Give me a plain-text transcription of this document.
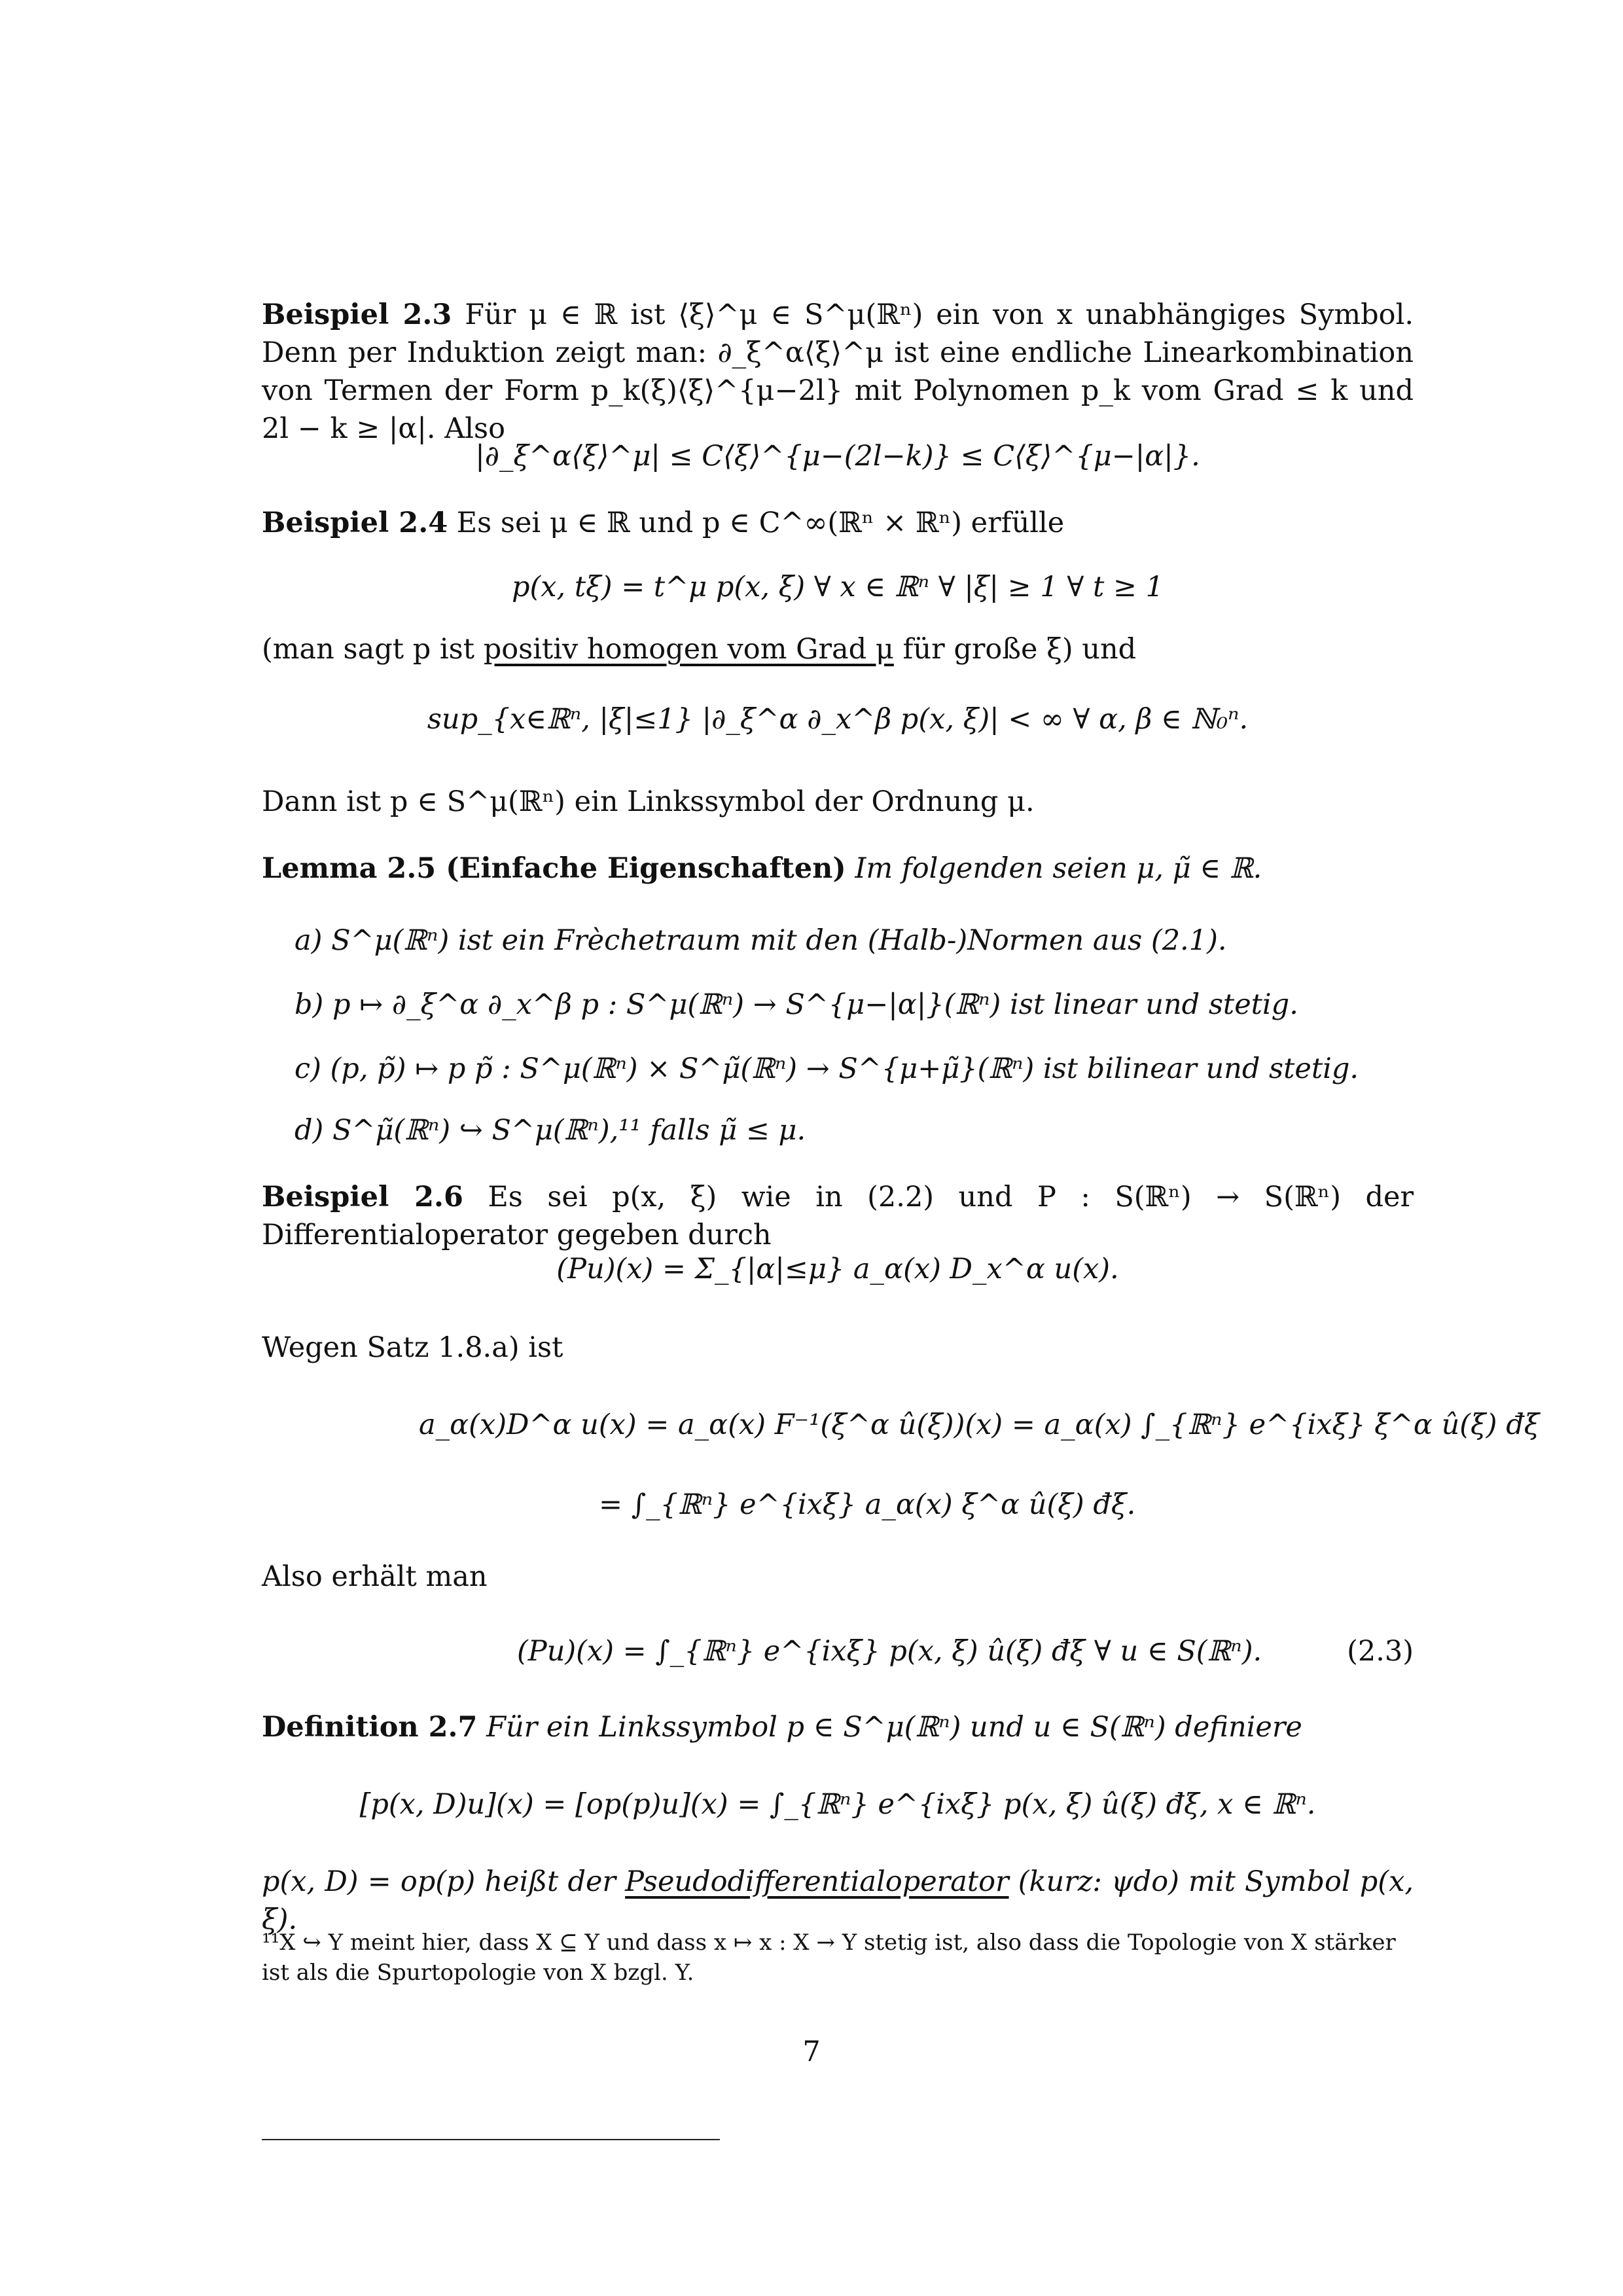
Beispiel 2.3 Für μ ∈ ℝ ist ⟨ξ⟩^μ ∈ S^μ(ℝⁿ) ein von x unabhängiges Symbol. Denn per Induktion zeigt man: ∂_ξ^α⟨ξ⟩^μ ist eine endliche Linearkombination von Termen der Form p_k(ξ)⟨ξ⟩^{μ−2l} mit Polynomen p_k vom Grad ≤ k und 2l − k ≥ |α|. Also
|∂_ξ^α⟨ξ⟩^μ| ≤ C⟨ξ⟩^{μ−(2l−k)} ≤ C⟨ξ⟩^{μ−|α|}.
Beispiel 2.4 Es sei μ ∈ ℝ und p ∈ C^∞(ℝⁿ × ℝⁿ) erfülle
p(x, tξ) = t^μ p(x, ξ) ∀ x ∈ ℝⁿ ∀ |ξ| ≥ 1 ∀ t ≥ 1
(man sagt p ist positiv homogen vom Grad μ für große ξ) und
sup_{x∈ℝⁿ, |ξ|≤1} |∂_ξ^α ∂_x^β p(x, ξ)| < ∞ ∀ α, β ∈ ℕ₀ⁿ.
Dann ist p ∈ S^μ(ℝⁿ) ein Linkssymbol der Ordnung μ.
Lemma 2.5 (Einfache Eigenschaften) Im folgenden seien μ, μ̃ ∈ ℝ.
a) S^μ(ℝⁿ) ist ein Frèchetraum mit den (Halb-)Normen aus (2.1).
b) p ↦ ∂_ξ^α ∂_x^β p : S^μ(ℝⁿ) → S^{μ−|α|}(ℝⁿ) ist linear und stetig.
c) (p, p̃) ↦ p p̃ : S^μ(ℝⁿ) × S^μ̃(ℝⁿ) → S^{μ+μ̃}(ℝⁿ) ist bilinear und stetig.
d) S^μ̃(ℝⁿ) ↪ S^μ(ℝⁿ),¹¹ falls μ̃ ≤ μ.
Beispiel 2.6 Es sei p(x, ξ) wie in (2.2) und P : S(ℝⁿ) → S(ℝⁿ) der Differentialoperator gegeben durch
(Pu)(x) = Σ_{|α|≤μ} a_α(x) D_x^α u(x).
Wegen Satz 1.8.a) ist
a_α(x)D^α u(x) = a_α(x) F⁻¹(ξ^α û(ξ))(x) = a_α(x) ∫_{ℝⁿ} e^{ixξ} ξ^α û(ξ) đξ
= ∫_{ℝⁿ} e^{ixξ} a_α(x) ξ^α û(ξ) đξ.
Also erhält man
(Pu)(x) = ∫_{ℝⁿ} e^{ixξ} p(x, ξ) û(ξ) đξ ∀ u ∈ S(ℝⁿ).	(2.3)
Definition 2.7 Für ein Linkssymbol p ∈ S^μ(ℝⁿ) und u ∈ S(ℝⁿ) definiere
[p(x, D)u](x) = [op(p)u](x) = ∫_{ℝⁿ} e^{ixξ} p(x, ξ) û(ξ) đξ, x ∈ ℝⁿ.
p(x, D) = op(p) heißt der Pseudodifferentialoperator (kurz: ψdo) mit Symbol p(x, ξ).
¹¹X ↪ Y meint hier, dass X ⊆ Y und dass x ↦ x : X → Y stetig ist, also dass die Topologie von X stärker ist als die Spurtopologie von X bzgl. Y.
7
